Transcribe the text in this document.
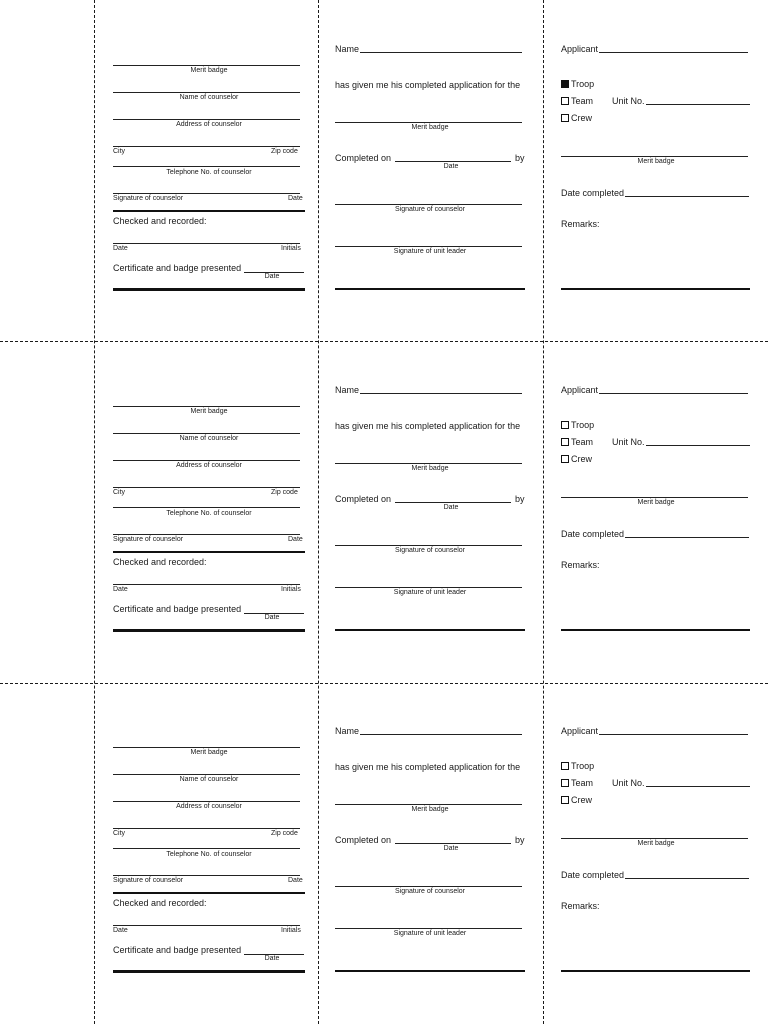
Merit badge
Name of counselor
Address of counselor
City	Zip code
Telephone No. of counselor
Signature of counselor	Date
Checked and recorded:
Date	Initials
Certificate and badge presented
Date
Name
has given me his completed application for the
Merit badge
Completed on	by
Date
Signature of counselor
Signature of unit leader
Applicant
Troop
Team Unit No.
Crew
Merit badge
Date completed
Remarks:
Merit badge
Name of counselor
Address of counselor
City	Zip code
Telephone No. of counselor
Signature of counselor	Date
Checked and recorded:
Date	Initials
Certificate and badge presented
Date
Name
has given me his completed application for the
Merit badge
Completed on	by
Date
Signature of counselor
Signature of unit leader
Applicant
Troop
Team Unit No.
Crew
Merit badge
Date completed
Remarks:
Merit badge
Name of counselor
Address of counselor
City	Zip code
Telephone No. of counselor
Signature of counselor	Date
Checked and recorded:
Date	Initials
Certificate and badge presented
Date
Name
has given me his completed application for the
Merit badge
Completed on	by
Date
Signature of counselor
Signature of unit leader
Applicant
Troop
Team Unit No.
Crew
Merit badge
Date completed
Remarks:
